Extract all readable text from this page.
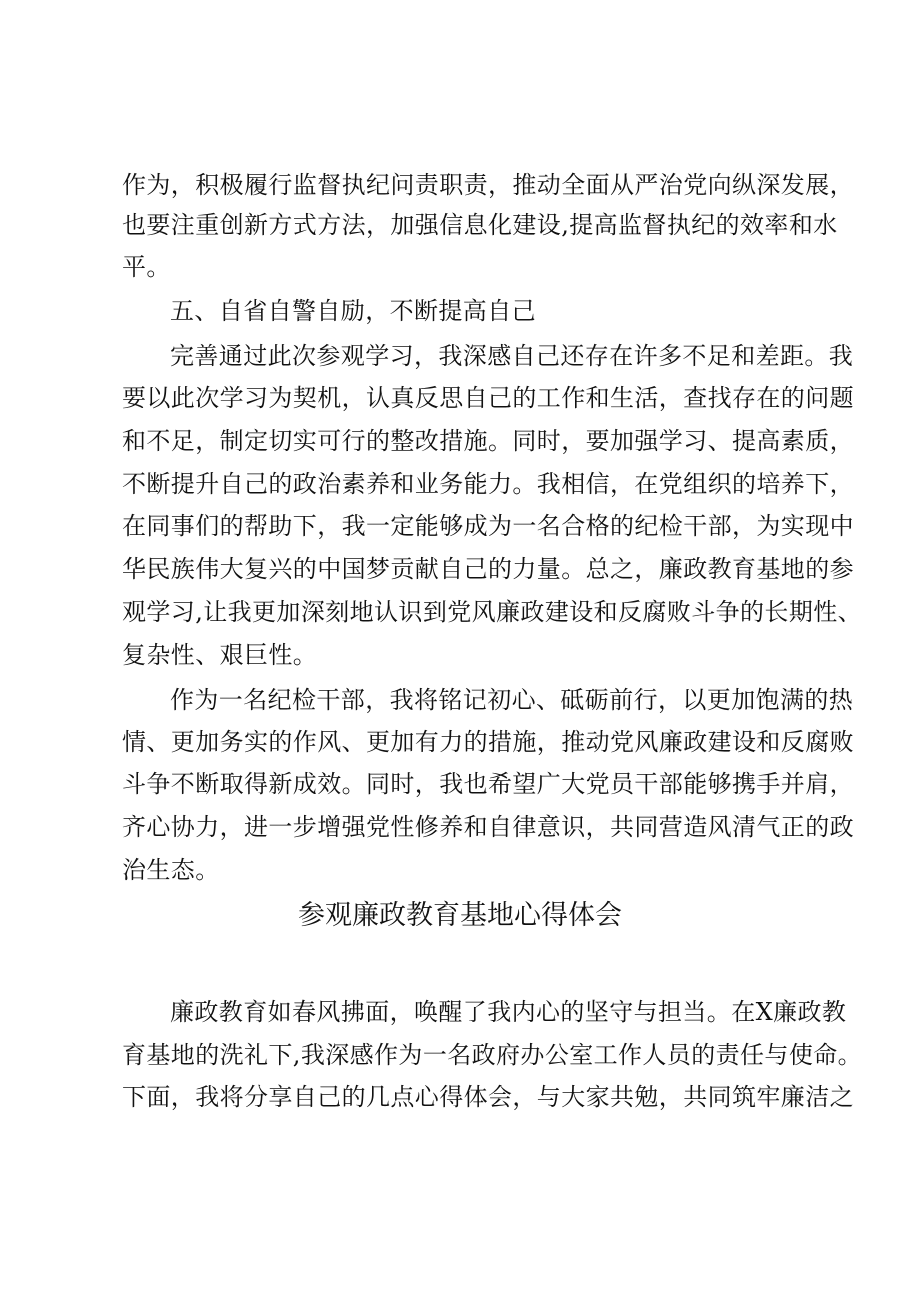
作为，积极履行监督执纪问责职责，推动全面从严治党向纵深发展，
也要注重创新方式方法，加强信息化建设,提高监督执纪的效率和水
平。
五、自省自警自励，不断提高自己
完善通过此次参观学习，我深感自己还存在许多不足和差距。我
要以此次学习为契机，认真反思自己的工作和生活，查找存在的问题
和不足，制定切实可行的整改措施。同时，要加强学习、提高素质，
不断提升自己的政治素养和业务能力。我相信，在党组织的培养下，
在同事们的帮助下，我一定能够成为一名合格的纪检干部，为实现中
华民族伟大复兴的中国梦贡献自己的力量。总之，廉政教育基地的参
观学习,让我更加深刻地认识到党风廉政建设和反腐败斗争的长期性、
复杂性、艰巨性。
作为一名纪检干部，我将铭记初心、砥砺前行，以更加饱满的热
情、更加务实的作风、更加有力的措施，推动党风廉政建设和反腐败
斗争不断取得新成效。同时，我也希望广大党员干部能够携手并肩，
齐心协力，进一步增强党性修养和自律意识，共同营造风清气正的政
治生态。
参观廉政教育基地心得体会
廉政教育如春风拂面，唤醒了我内心的坚守与担当。在X廉政教
育基地的洗礼下,我深感作为一名政府办公室工作人员的责任与使命。
下面，我将分享自己的几点心得体会，与大家共勉，共同筑牢廉洁之
